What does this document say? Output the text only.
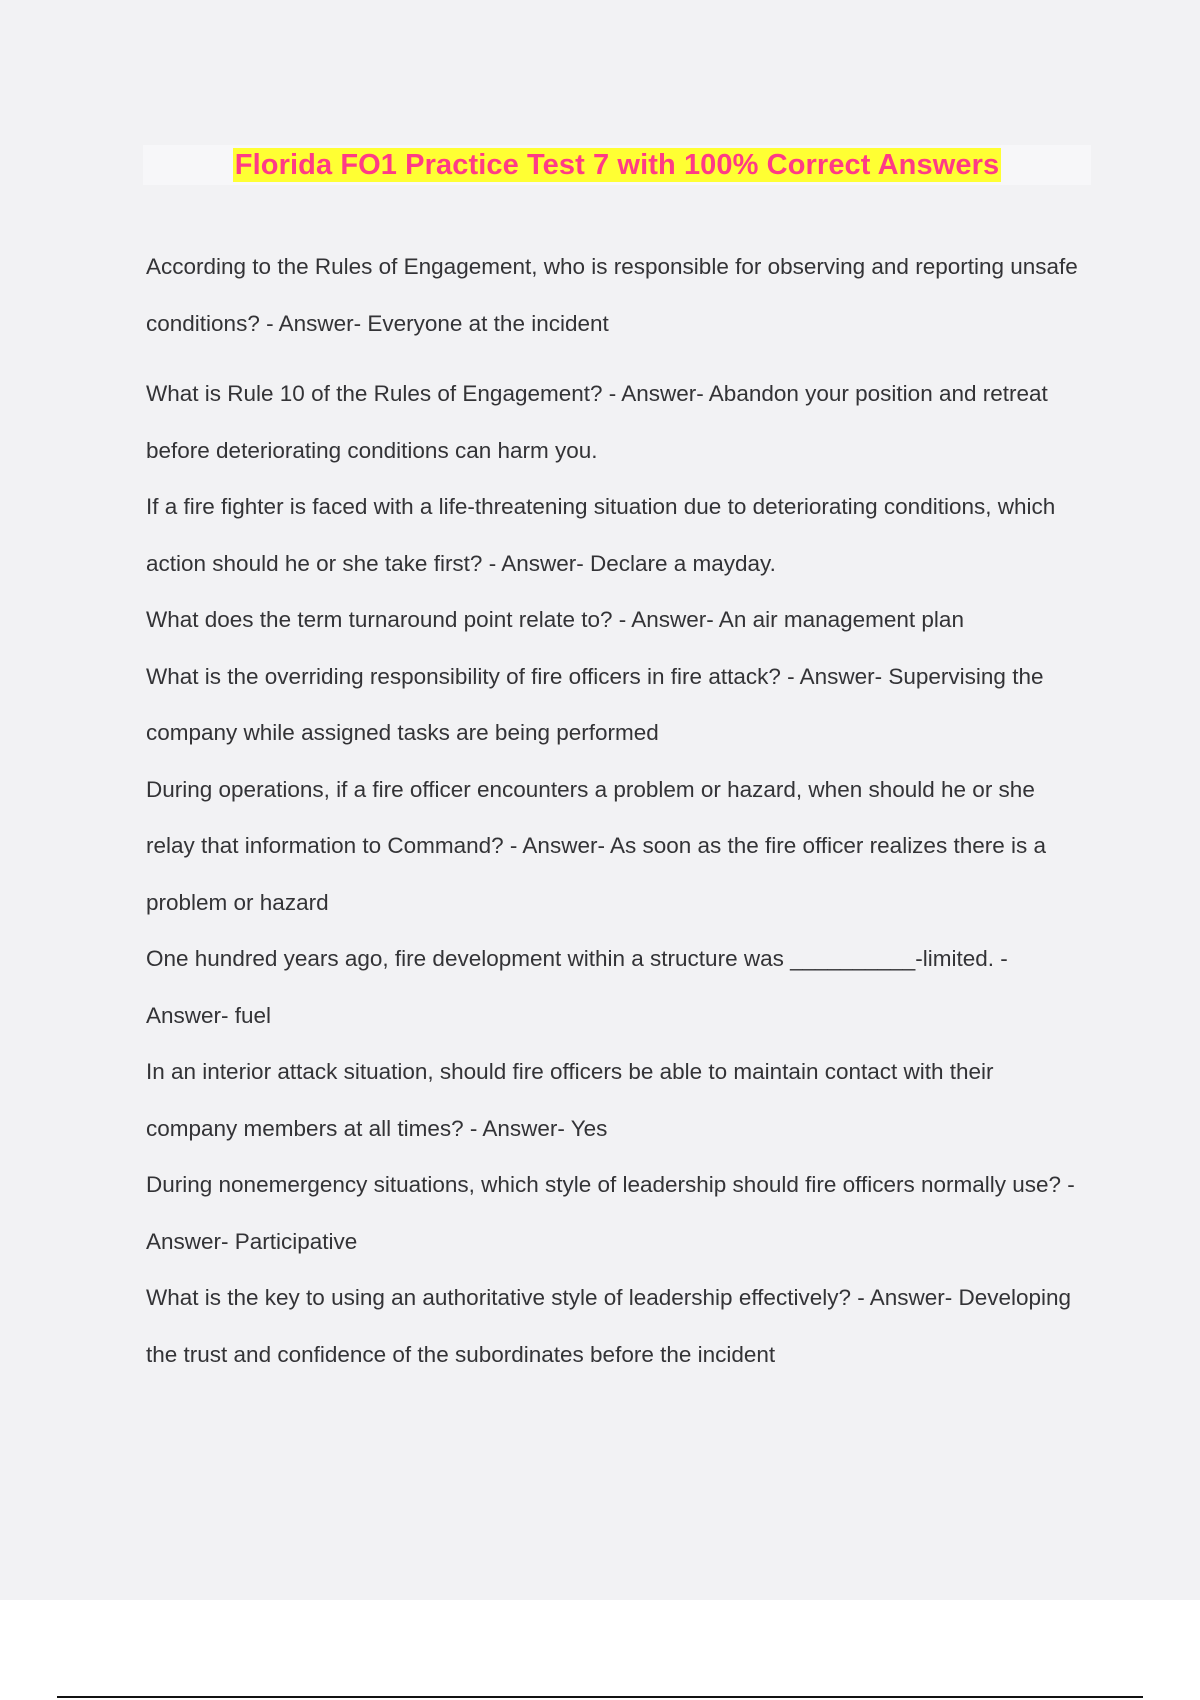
Florida FO1 Practice Test 7 with 100% Correct Answers

According to the Rules of Engagement, who is responsible for observing and reporting unsafe conditions? - Answer- Everyone at the incident

What is Rule 10 of the Rules of Engagement? - Answer- Abandon your position and retreat before deteriorating conditions can harm you.

If a fire fighter is faced with a life-threatening situation due to deteriorating conditions, which action should he or she take first? - Answer- Declare a mayday.

What does the term turnaround point relate to? - Answer- An air management plan

What is the overriding responsibility of fire officers in fire attack? - Answer- Supervising the company while assigned tasks are being performed

During operations, if a fire officer encounters a problem or hazard, when should he or she relay that information to Command? - Answer- As soon as the fire officer realizes there is a problem or hazard

One hundred years ago, fire development within a structure was __________-limited. - Answer- fuel

In an interior attack situation, should fire officers be able to maintain contact with their company members at all times? - Answer- Yes

During nonemergency situations, which style of leadership should fire officers normally use? - Answer- Participative

What is the key to using an authoritative style of leadership effectively? - Answer- Developing the trust and confidence of the subordinates before the incident
